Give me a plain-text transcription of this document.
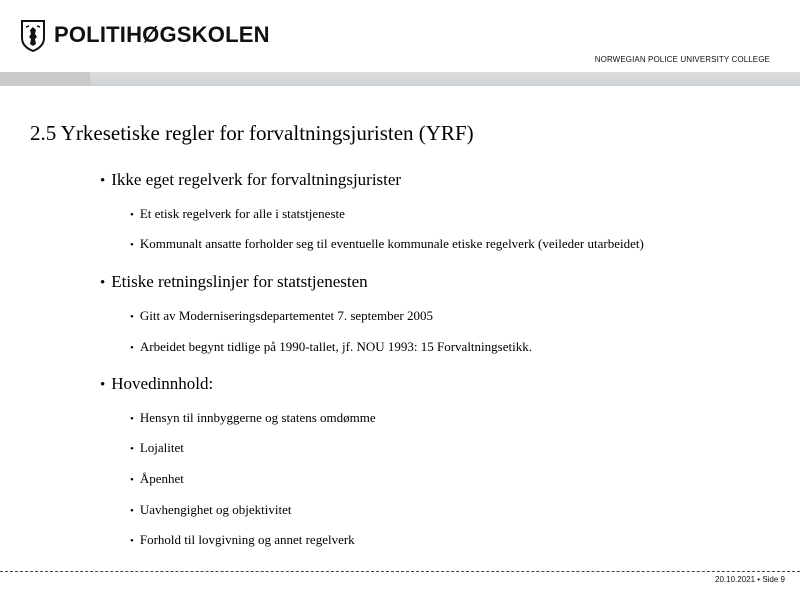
POLITIHØGSKOLEN
NORWEGIAN POLICE UNIVERSITY COLLEGE
2.5 Yrkesetiske regler for forvaltningsjuristen (YRF)
• Ikke eget regelverk for forvaltningsjurister
• Et etisk regelverk for alle i statstjeneste
• Kommunalt ansatte forholder seg til eventuelle kommunale etiske regelverk (veileder utarbeidet)
• Etiske retningslinjer for statstjenesten
• Gitt av Moderniseringsdepartementet 7. september 2005
• Arbeidet begynt tidlige på 1990-tallet, jf. NOU 1993: 15 Forvaltningsetikk.
• Hovedinnhold:
• Hensyn til innbyggerne og statens omdømme
• Lojalitet
• Åpenhet
• Uavhengighet og objektivitet
• Forhold til lovgivning og annet regelverk
20.10.2021 • Side 9
